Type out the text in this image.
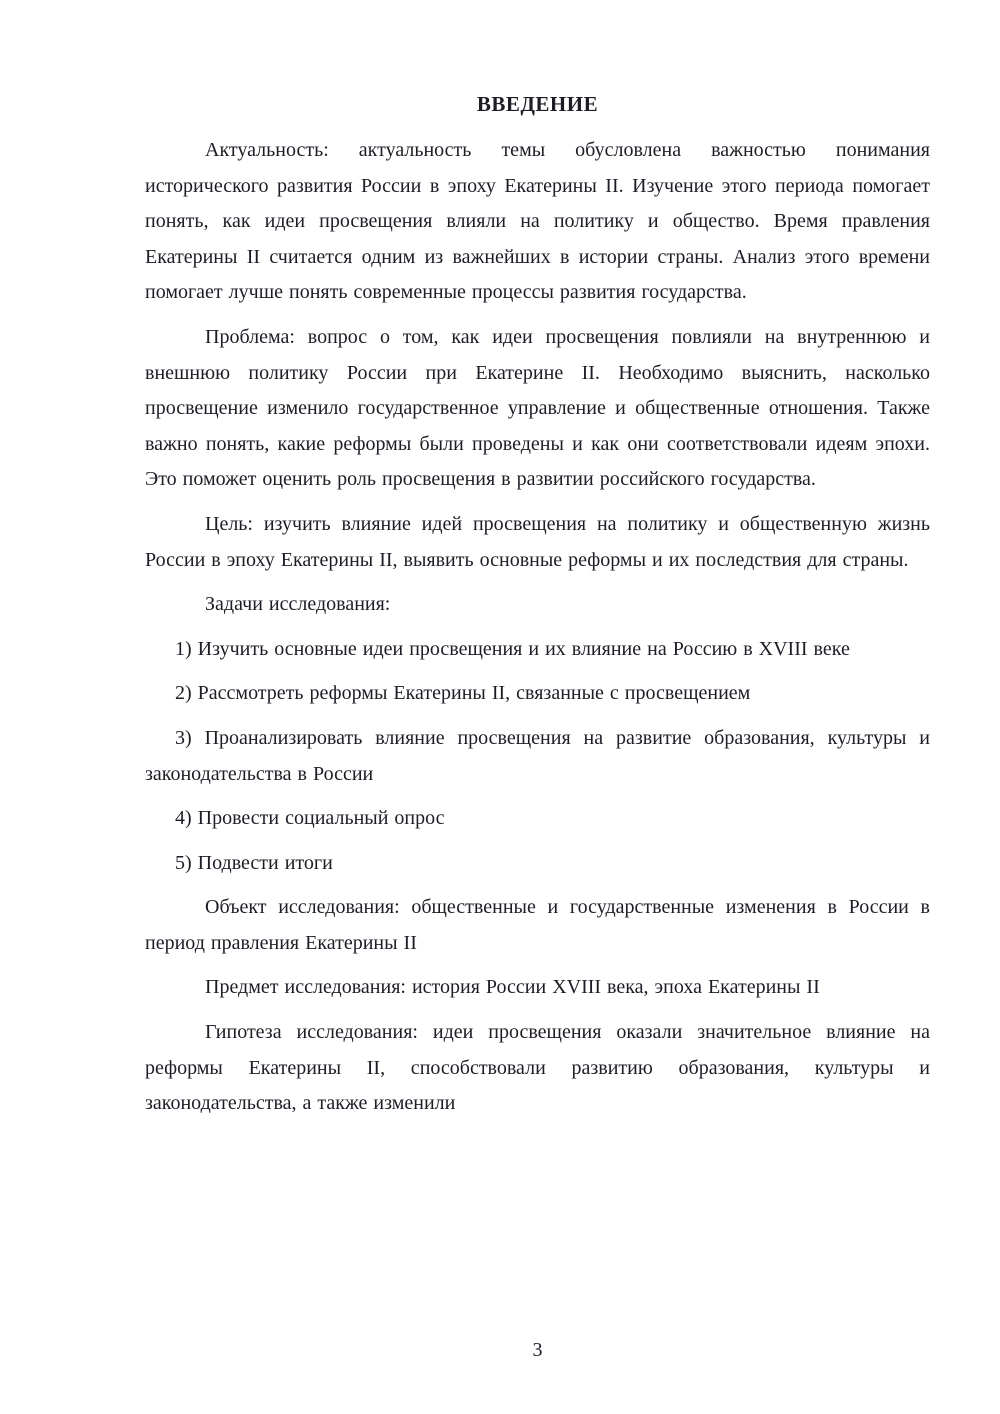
ВВЕДЕНИЕ

Актуальность: актуальность темы обусловлена важностью понимания исторического развития России в эпоху Екатерины II. Изучение этого периода помогает понять, как идеи просвещения влияли на политику и общество. Время правления Екатерины II считается одним из важнейших в истории страны. Анализ этого времени помогает лучше понять современные процессы развития государства.

Проблема: вопрос о том, как идеи просвещения повлияли на внутреннюю и внешнюю политику России при Екатерине II. Необходимо выяснить, насколько просвещение изменило государственное управление и общественные отношения. Также важно понять, какие реформы были проведены и как они соответствовали идеям эпохи. Это поможет оценить роль просвещения в развитии российского государства.

Цель: изучить влияние идей просвещения на политику и общественную жизнь России в эпоху Екатерины II, выявить основные реформы и их последствия для страны.

Задачи исследования:

1) Изучить основные идеи просвещения и их влияние на Россию в XVIII веке

2) Рассмотреть реформы Екатерины II, связанные с просвещением

3) Проанализировать влияние просвещения на развитие образования, культуры и законодательства в России

4) Провести социальный опрос

5) Подвести итоги

Объект исследования: общественные и государственные изменения в России в период правления Екатерины II

Предмет исследования: история России XVIII века, эпоха Екатерины II

Гипотеза исследования: идеи просвещения оказали значительное влияние на реформы Екатерины II, способствовали развитию образования, культуры и законодательства, а также изменили

3
